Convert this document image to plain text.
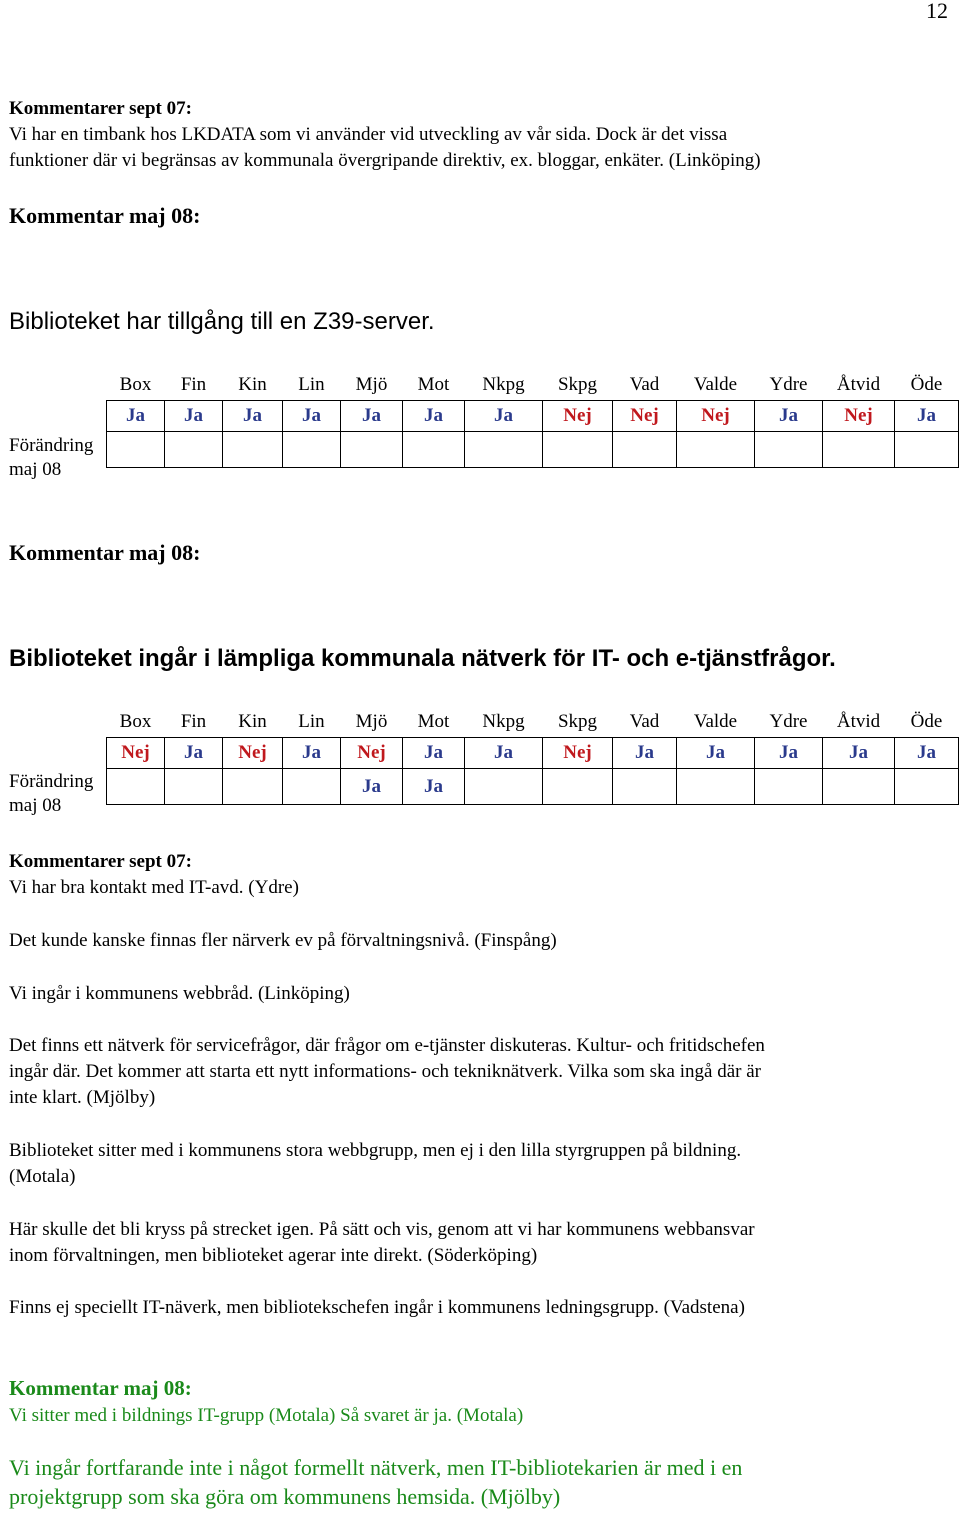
12
Kommentarer sept 07:
Vi har en timbank hos LKDATA som vi använder vid utveckling av vår sida. Dock är det vissa
funktioner där vi begränsas av kommunala övergripande direktiv, ex. bloggar, enkäter. (Linköping)
Kommentar maj 08:
Biblioteket har tillgång till en Z39-server.
Förändring
maj 08
Box	Fin	Kin	Lin	Mjö	Mot	Nkpg	Skpg	Vad	Valde	Ydre	Åtvid	Öde
Ja	Ja	Ja	Ja	Ja	Ja	Ja	Nej	Nej	Nej	Ja	Nej	Ja

Kommentar maj 08:
Biblioteket ingår i lämpliga kommunala nätverk för IT- och e-tjänstfrågor.
Förändring
maj 08
Box	Fin	Kin	Lin	Mjö	Mot	Nkpg	Skpg	Vad	Valde	Ydre	Åtvid	Öde
Nej	Ja	Nej	Ja	Nej	Ja	Ja	Nej	Ja	Ja	Ja	Ja	Ja
				Ja	Ja							
Kommentarer sept 07:
Vi har bra kontakt med IT-avd. (Ydre)
Det kunde kanske finnas fler närverk ev på förvaltningsnivå. (Finspång)
Vi ingår i kommunens webbråd. (Linköping)
Det finns ett nätverk för servicefrågor, där frågor om e-tjänster diskuteras. Kultur- och fritidschefen
ingår där. Det kommer att starta ett nytt informations- och tekniknätverk. Vilka som ska ingå där är
inte klart. (Mjölby)
Biblioteket sitter med i kommunens stora webbgrupp, men ej i den lilla styrgruppen på bildning.
(Motala)
Här skulle det bli kryss på strecket igen. På sätt och vis, genom att vi har kommunens webbansvar
inom förvaltningen, men biblioteket agerar inte direkt. (Söderköping)
Finns ej speciellt IT-näverk, men bibliotekschefen ingår i kommunens ledningsgrupp. (Vadstena)
Kommentar maj 08:
Vi sitter med i bildnings IT-grupp (Motala) Så svaret är ja. (Motala)
Vi ingår fortfarande inte i något formellt nätverk, men IT-bibliotekarien är med i en
projektgrupp som ska göra om kommunens hemsida. (Mjölby)
